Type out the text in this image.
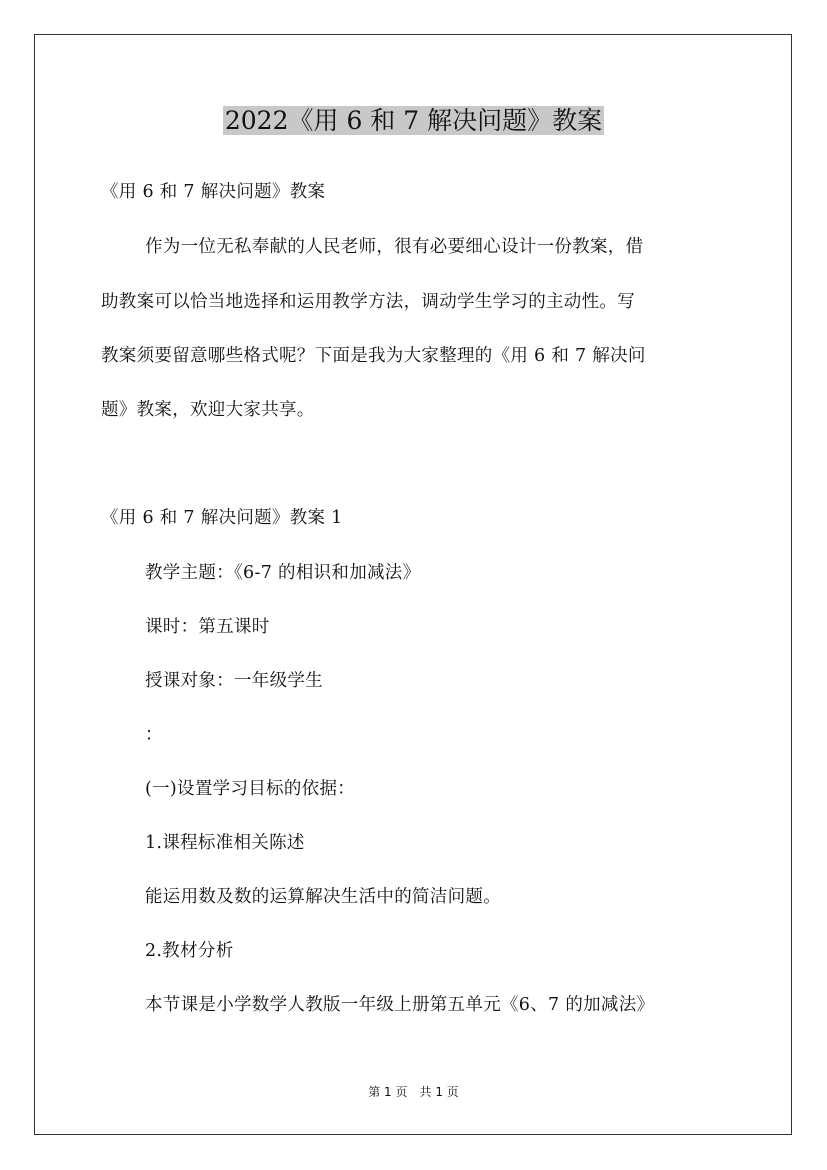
2022《用 6 和 7 解决问题》教案
《用 6 和 7 解决问题》教案
作为一位无私奉献的人民老师，很有必要细心设计一份教案，借
助教案可以恰当地选择和运用教学方法，调动学生学习的主动性。写
教案须要留意哪些格式呢？下面是我为大家整理的《用 6 和 7 解决问
题》教案，欢迎大家共享。
《用 6 和 7 解决问题》教案 1
教学主题：《6-7 的相识和加减法》
课时：第五课时
授课对象：一年级学生
：
(一)设置学习目标的依据：
1.课程标准相关陈述
能运用数及数的运算解决生活中的简洁问题。
2.教材分析
本节课是小学数学人教版一年级上册第五单元《6、7 的加减法》
第 1 页　共 1 页
